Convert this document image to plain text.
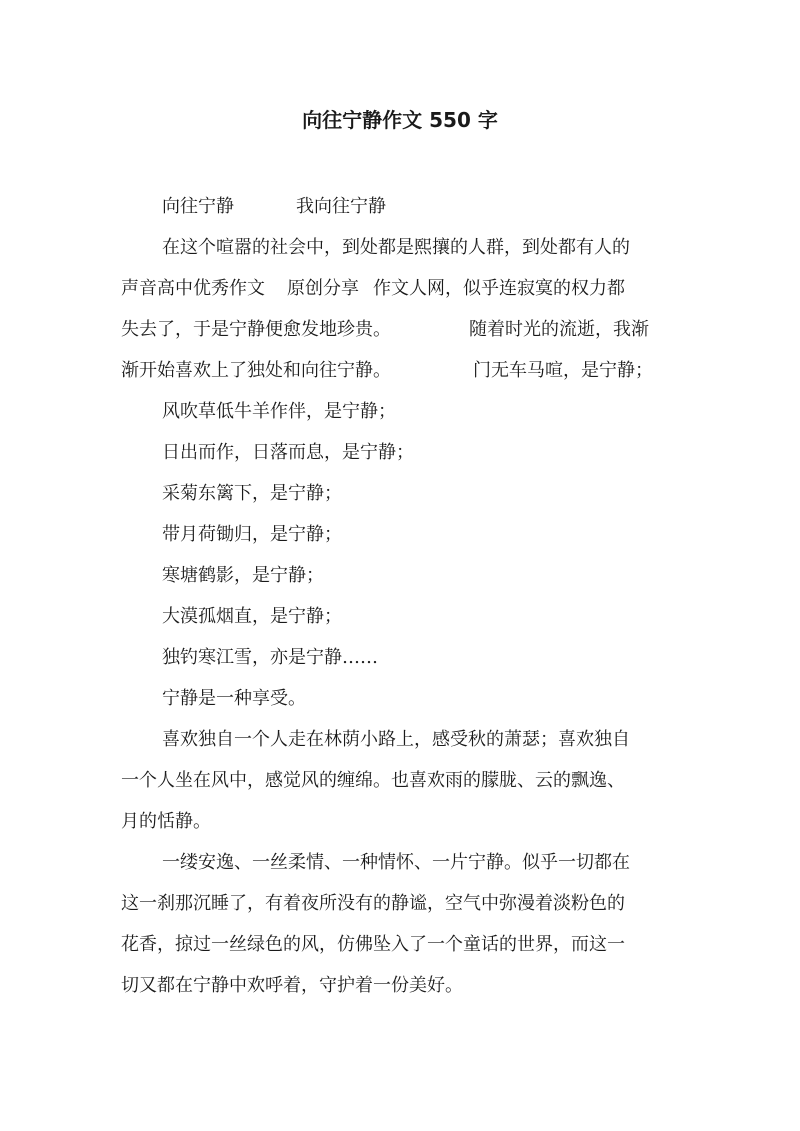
向往宁静作文 550 字
向往宁静	我向往宁静
在这个喧嚣的社会中，到处都是熙攘的人群，到处都有人的
声音高中优秀作文 原创分享 作文人网，似乎连寂寞的权力都
失去了，于是宁静便愈发地珍贵。	随着时光的流逝，我渐
渐开始喜欢上了独处和向往宁静。	门无车马喧，是宁静；
风吹草低牛羊作伴，是宁静；
日出而作，日落而息，是宁静；
采菊东篱下，是宁静；
带月荷锄归，是宁静；
寒塘鹤影，是宁静；
大漠孤烟直，是宁静；
独钓寒江雪，亦是宁静……
宁静是一种享受。
喜欢独自一个人走在林荫小路上，感受秋的萧瑟；喜欢独自
一个人坐在风中，感觉风的缠绵。也喜欢雨的朦胧、云的飘逸、
月的恬静。
一缕安逸、一丝柔情、一种情怀、一片宁静。似乎一切都在
这一刹那沉睡了，有着夜所没有的静谧，空气中弥漫着淡粉色的
花香，掠过一丝绿色的风，仿佛坠入了一个童话的世界，而这一
切又都在宁静中欢呼着，守护着一份美好。
